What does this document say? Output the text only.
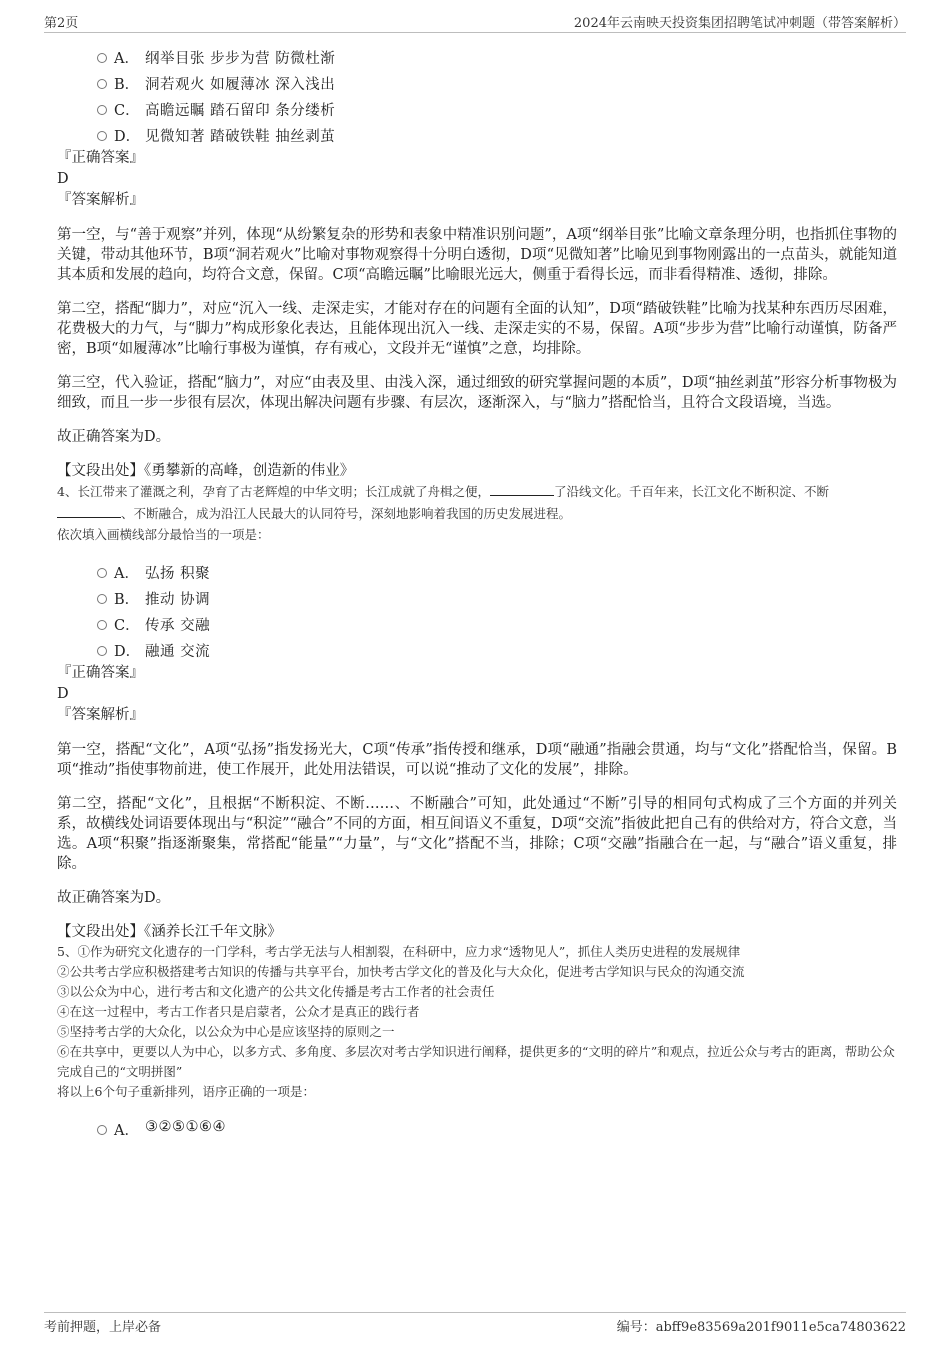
第2页	2024年云南映天投资集团招聘笔试冲刺题（带答案解析）
A． 纲举目张 步步为营 防微杜渐
B． 洞若观火 如履薄冰 深入浅出
C． 高瞻远瞩 踏石留印 条分缕析
D． 见微知著 踏破铁鞋 抽丝剥茧
『正确答案』
D
『答案解析』

第一空，与“善于观察”并列，体现“从纷繁复杂的形势和表象中精准识别问题”，A项“纲举目张”比喻文章条理分明，也指抓住事物的关键，带动其他环节，B项“洞若观火”比喻对事物观察得十分明白透彻，D项“见微知著”比喻见到事物刚露出的一点苗头，就能知道其本质和发展的趋向，均符合文意，保留。C项“高瞻远瞩”比喻眼光远大，侧重于看得长远，而非看得精准、透彻，排除。

第二空，搭配“脚力”，对应“沉入一线、走深走实，才能对存在的问题有全面的认知”，D项“踏破铁鞋”比喻为找某种东西历尽困难，花费极大的力气，与“脚力”构成形象化表达，且能体现出沉入一线、走深走实的不易，保留。A项“步步为营”比喻行动谨慎，防备严密，B项“如履薄冰”比喻行事极为谨慎，存有戒心，文段并无“谨慎”之意，均排除。

第三空，代入验证，搭配“脑力”，对应“由表及里、由浅入深，通过细致的研究掌握问题的本质”，D项“抽丝剥茧”形容分析事物极为细致，而且一步一步很有层次，体现出解决问题有步骤、有层次，逐渐深入，与“脑力”搭配恰当，且符合文段语境，当选。

故正确答案为D。

【文段出处】《勇攀新的高峰，创造新的伟业》

4、长江带来了灌溉之利，孕育了古老辉煌的中华文明；长江成就了舟楫之便，	了沿线文化。千百年来，长江文化不断积淀、不断
、不断融合，成为沿江人民最大的认同符号，深刻地影响着我国的历史发展进程。

依次填入画横线部分最恰当的一项是：

A． 弘扬 积聚
B． 推动 协调
C． 传承 交融
D． 融通 交流
『正确答案』
D
『答案解析』

第一空，搭配“文化”，A项“弘扬”指发扬光大，C项“传承”指传授和继承，D项“融通”指融会贯通，均与“文化”搭配恰当，保留。B项“推动”指使事物前进，使工作展开，此处用法错误，可以说“推动了文化的发展”，排除。

第二空，搭配“文化”，且根据“不断积淀、不断……、不断融合”可知，此处通过“不断”引导的相同句式构成了三个方面的并列关系，故横线处词语要体现出与“积淀”“融合”不同的方面，相互间语义不重复，D项“交流”指彼此把自己有的供给对方，符合文意，当选。A项“积聚”指逐渐聚集，常搭配“能量”“力量”，与“文化”搭配不当，排除；C项“交融”指融合在一起，与“融合”语义重复，排除。

故正确答案为D。

【文段出处】《涵养长江千年文脉》

5、①作为研究文化遗存的一门学科，考古学无法与人相割裂，在科研中，应力求“透物见人”，抓住人类历史进程的发展规律

②公共考古学应积极搭建考古知识的传播与共享平台，加快考古学文化的普及化与大众化，促进考古学知识与民众的沟通交流

③以公众为中心，进行考古和文化遗产的公共文化传播是考古工作者的社会责任

④在这一过程中，考古工作者只是启蒙者，公众才是真正的践行者

⑤坚持考古学的大众化，以公众为中心是应该坚持的原则之一

⑥在共享中，更要以人为中心，以多方式、多角度、多层次对考古学知识进行阐释，提供更多的“文明的碎片”和观点，拉近公众与考古的距离，帮助公众完成自己的“文明拼图”

将以上6个句子重新排列，语序正确的一项是：

A． ③②⑤①⑥④
考前押题，上岸必备	编号：abff9e83569a201f9011e5ca74803622
